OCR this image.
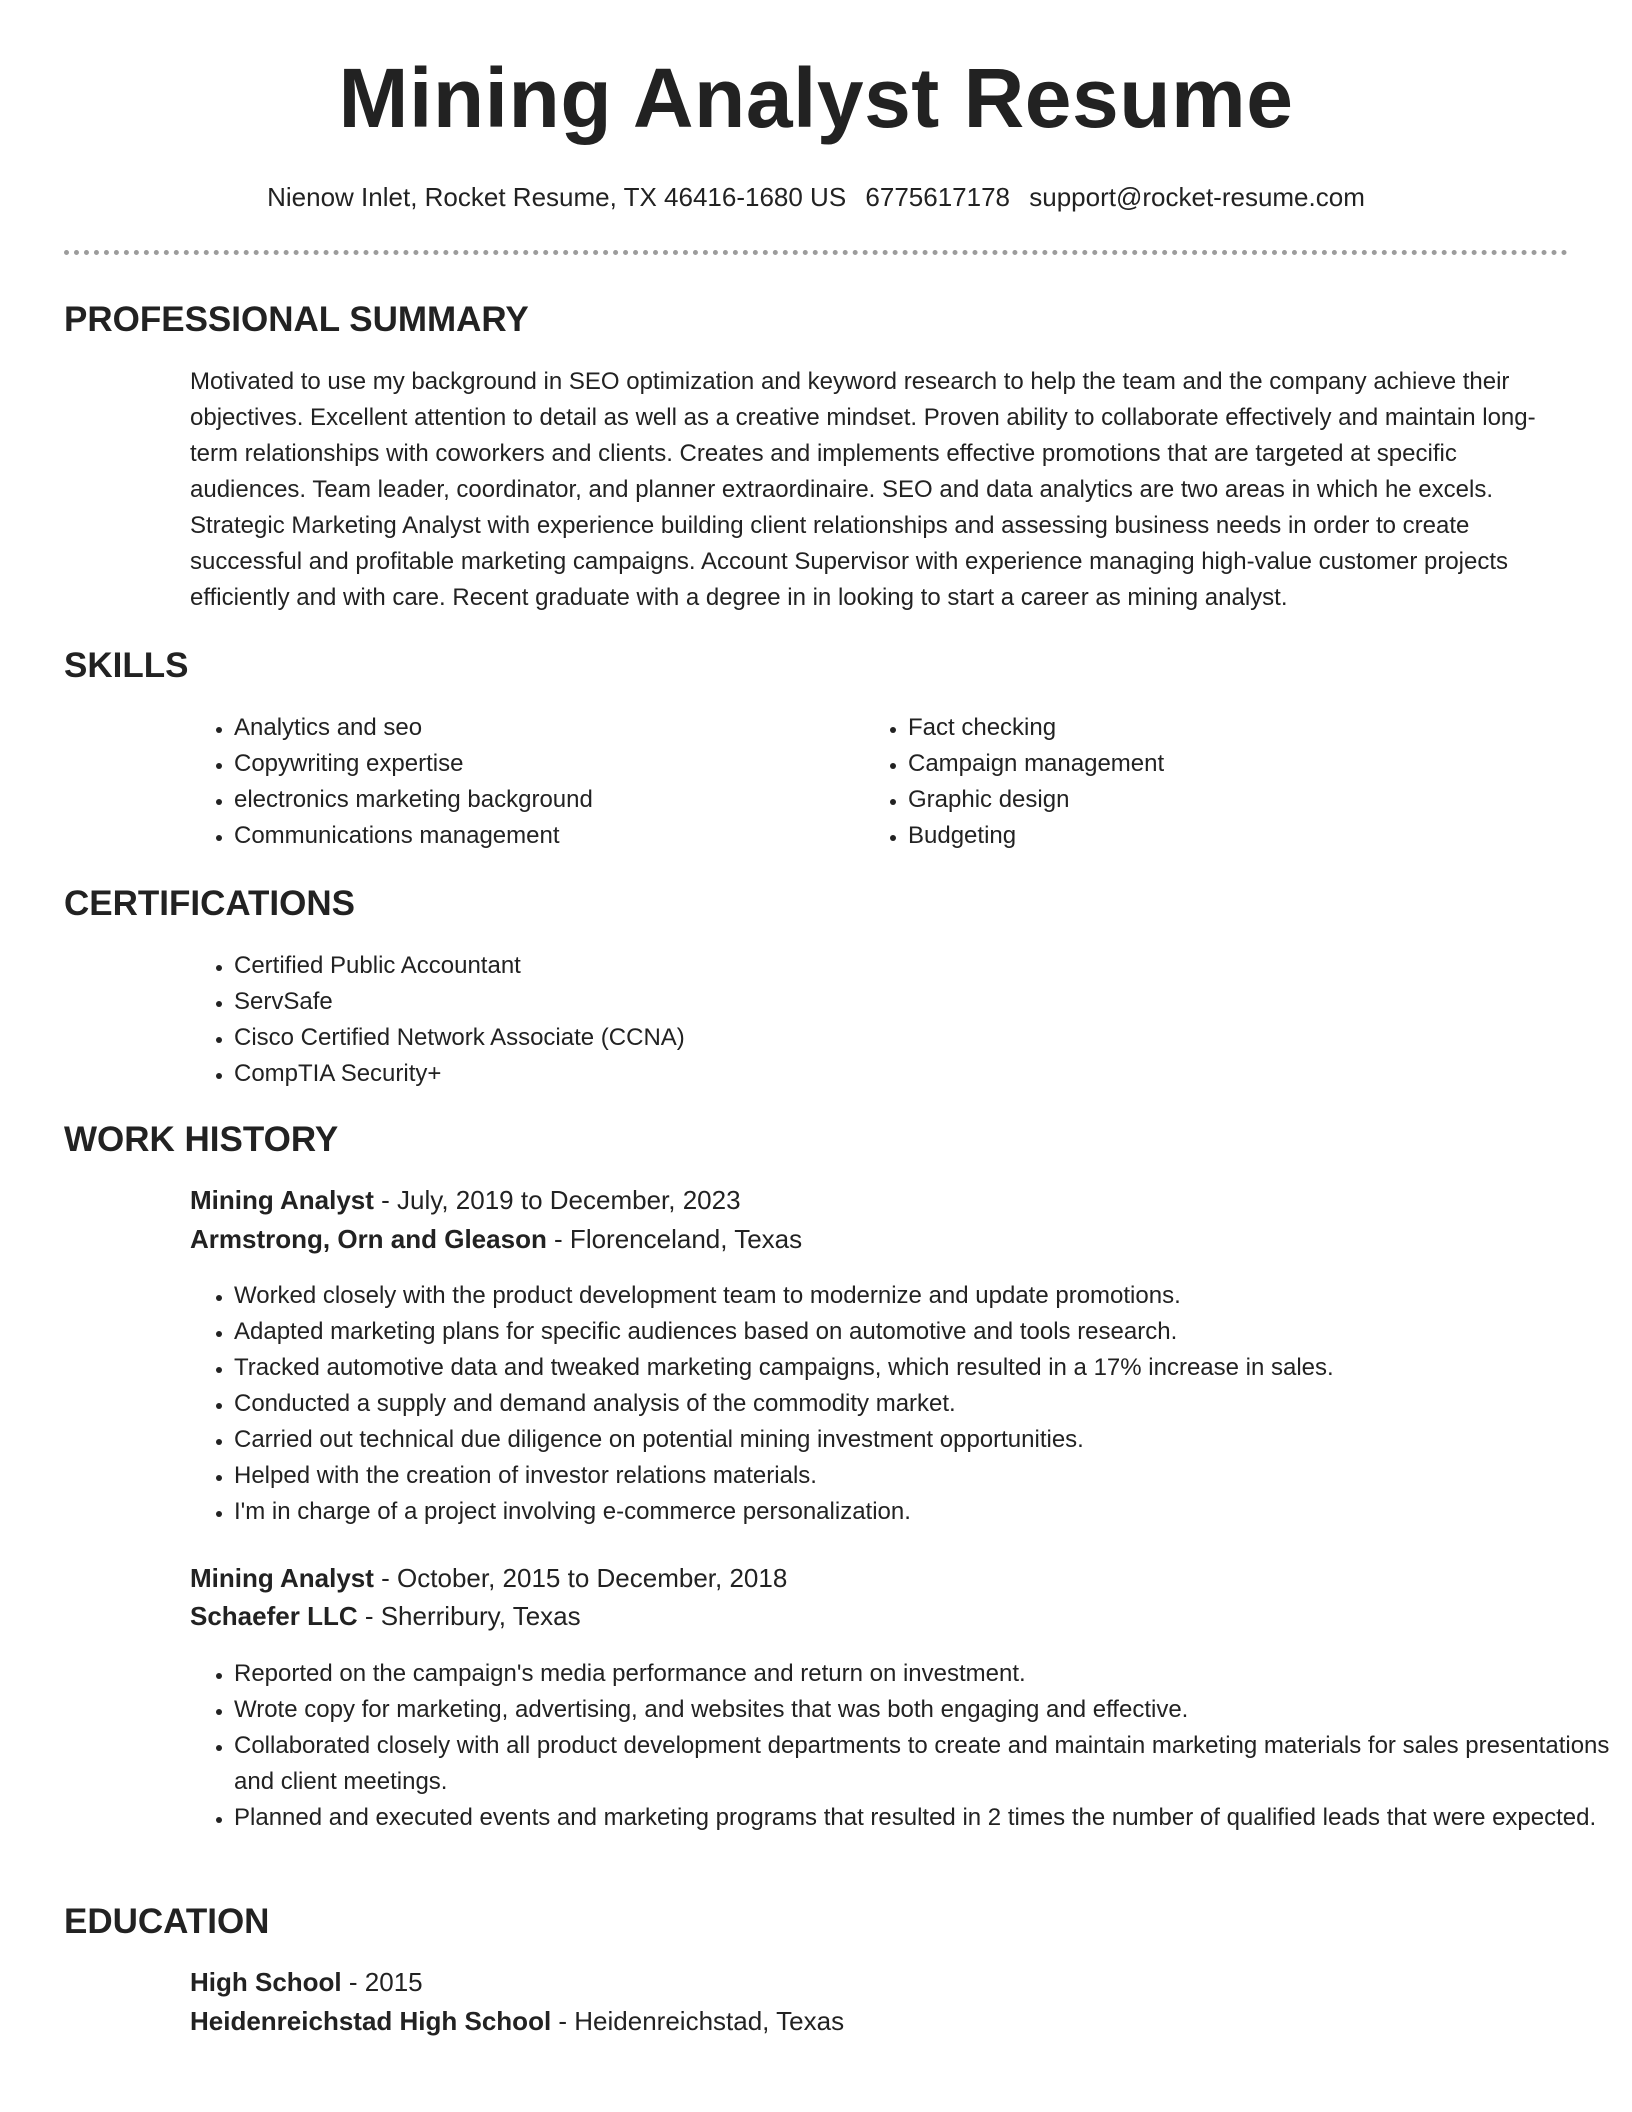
Mining Analyst Resume
Nienow Inlet, Rocket Resume, TX 46416-1680 US 6775617178 support@rocket-resume.com
PROFESSIONAL SUMMARY

Motivated to use my background in SEO optimization and keyword research to help the team and the company achieve their objectives. Excellent attention to detail as well as a creative mindset. Proven ability to collaborate effectively and maintain long-term relationships with coworkers and clients. Creates and implements effective promotions that are targeted at specific audiences. Team leader, coordinator, and planner extraordinaire. SEO and data analytics are two areas in which he excels. Strategic Marketing Analyst with experience building client relationships and assessing business needs in order to create successful and profitable marketing campaigns. Account Supervisor with experience managing high-value customer projects efficiently and with care. Recent graduate with a degree in in looking to start a career as mining analyst.

SKILLS
• Analytics and seo
• Copywriting expertise
• electronics marketing background
• Communications management
• Fact checking
• Campaign management
• Graphic design
• Budgeting
CERTIFICATIONS
• Certified Public Accountant
• ServSafe
• Cisco Certified Network Associate (CCNA)
• CompTIA Security+
WORK HISTORY
Mining Analyst - July, 2019 to December, 2023
Armstrong, Orn and Gleason - Florenceland, Texas
• Worked closely with the product development team to modernize and update promotions.
• Adapted marketing plans for specific audiences based on automotive and tools research.
• Tracked automotive data and tweaked marketing campaigns, which resulted in a 17% increase in sales.
• Conducted a supply and demand analysis of the commodity market.
• Carried out technical due diligence on potential mining investment opportunities.
• Helped with the creation of investor relations materials.
• I'm in charge of a project involving e-commerce personalization.
Mining Analyst - October, 2015 to December, 2018
Schaefer LLC - Sherribury, Texas
• Reported on the campaign's media performance and return on investment.
• Wrote copy for marketing, advertising, and websites that was both engaging and effective.
• Collaborated closely with all product development departments to create and maintain marketing materials for sales presentations and client meetings.
• Planned and executed events and marketing programs that resulted in 2 times the number of qualified leads that were expected.
EDUCATION
High School - 2015
Heidenreichstad High School - Heidenreichstad, Texas
